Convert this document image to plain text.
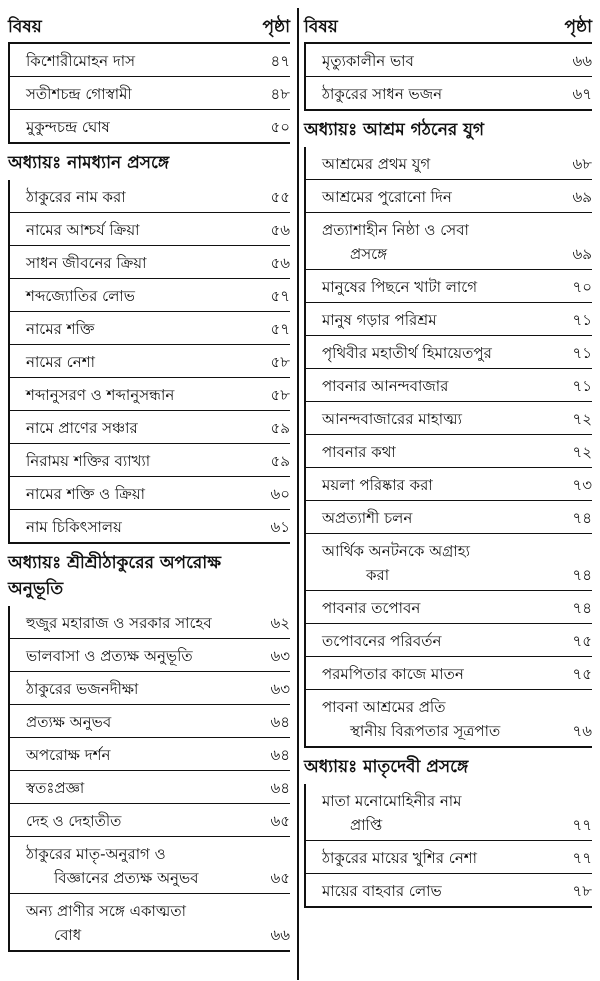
বিষয়	পৃষ্ঠা
কিশোরীমোহন দাস	৪৭
সতীশচন্দ্র গোস্বামী	৪৮
মুকুন্দচন্দ্র ঘোষ	৫০
অধ্যায়ঃ নামধ্যান প্রসঙ্গে
ঠাকুরের নাম করা	৫৫
নামের আশ্চর্য ক্রিয়া	৫৬
সাধন জীবনের ক্রিয়া	৫৬
শব্দজ্যোতির লোভ	৫৭
নামের শক্তি	৫৭
নামের নেশা	৫৮
শব্দানুসরণ ও শব্দানুসন্ধান	৫৮
নামে প্রাণের সঞ্চার	৫৯
নিরাময় শক্তির ব্যাখ্যা	৫৯
নামের শক্তি ও ক্রিয়া	৬০
নাম চিকিৎসালয়	৬১
অধ্যায়ঃ শ্রীশ্রীঠাকুরের অপরোক্ষ
অনুভূতি
হুজুর মহারাজ ও সরকার সাহেব	৬২
ভালবাসা ও প্রত্যক্ষ অনুভূতি	৬৩
ঠাকুরের ভজনদীক্ষা	৬৩
প্রত্যক্ষ অনুভব	৬৪
অপরোক্ষ দর্শন	৬৪
স্বতঃপ্রজ্ঞা	৬৪
দেহ ও দেহাতীত	৬৫
ঠাকুরের মাতৃ-অনুরাগ ও
বিজ্ঞানের প্রত্যক্ষ অনুভব	৬৫
অন্য প্রাণীর সঙ্গে একাত্মতা
বোধ	৬৬
বিষয়	পৃষ্ঠা
মৃত্যুকালীন ভাব	৬৬
ঠাকুরের সাধন ভজন	৬৭
অধ্যায়ঃ আশ্রম গঠনের যুগ
আশ্রমের প্রথম যুগ	৬৮
আশ্রমের পুরোনো দিন	৬৯
প্রত্যাশাহীন নিষ্ঠা ও সেবা
প্রসঙ্গে	৬৯
মানুষের পিছনে খাটা লাগে	৭০
মানুষ গড়ার পরিশ্রম	৭১
পৃথিবীর মহাতীর্থ হিমায়েতপুর	৭১
পাবনার আনন্দবাজার	৭১
আনন্দবাজারের মাহাত্ম্য	৭২
পাবনার কথা	৭২
ময়লা পরিষ্কার করা	৭৩
অপ্রত্যাশী চলন	৭৪
আর্থিক অনটনকে অগ্রাহ্য
করা	৭৪
পাবনার তপোবন	৭৪
তপোবনের পরিবর্তন	৭৫
পরমপিতার কাজে মাতন	৭৫
পাবনা আশ্রমের প্রতি
স্থানীয় বিরূপতার সূত্রপাত	৭৬
অধ্যায়ঃ মাতৃদেবী প্রসঙ্গে
মাতা মনোমোহিনীর নাম
প্রাপ্তি	৭৭
ঠাকুরের মায়ের খুশির নেশা	৭৭
মায়ের বাহবার লোভ	৭৮
